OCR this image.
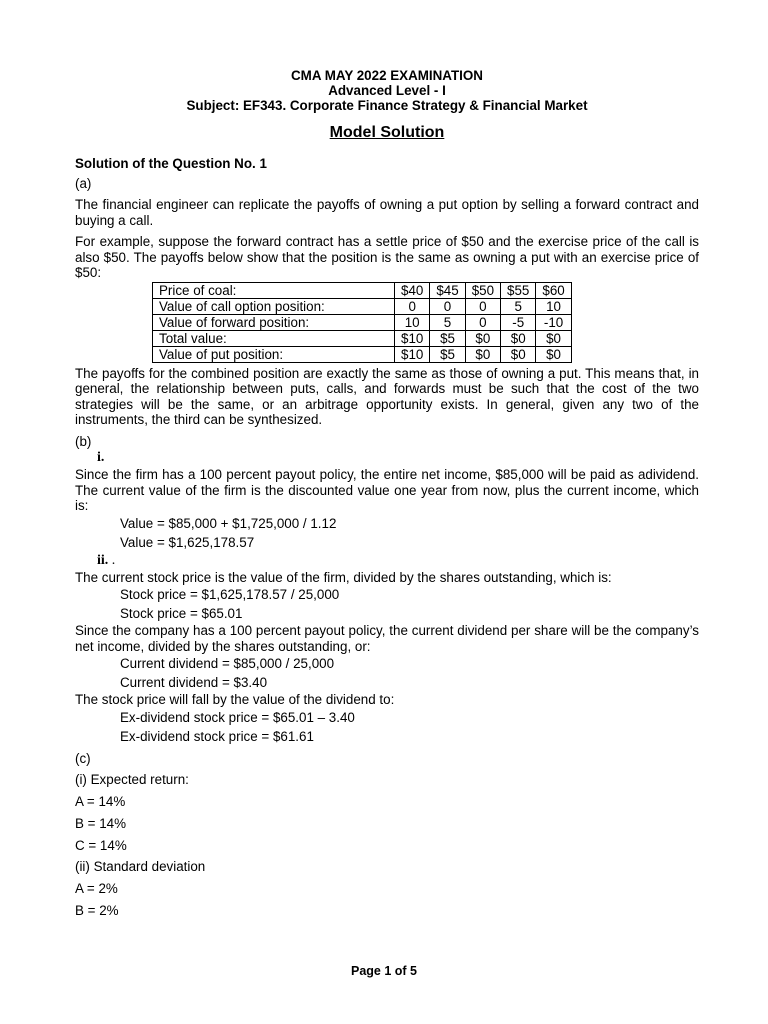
CMA MAY 2022 EXAMINATION
Advanced Level - I
Subject: EF343. Corporate Finance Strategy & Financial Market
Model Solution
Solution of the Question No. 1

(a)

The financial engineer can replicate the payoffs of owning a put option by selling a forward contract and buying a call.

For example, suppose the forward contract has a settle price of $50 and the exercise price of the call is also $50. The payoffs below show that the position is the same as owning a put with an exercise price of $50:

Price of coal:	$40	$45	$50	$55	$60
Value of call option position:	0	0	0	5	10
Value of forward position:	10	5	0	-5	-10
Total value:	$10	$5	$0	$0	$0
Value of put position:	$10	$5	$0	$0	$0

The payoffs for the combined position are exactly the same as those of owning a put. This means that, in general, the relationship between puts, calls, and forwards must be such that the cost of the two strategies will be the same, or an arbitrage opportunity exists. In general, given any two of the instruments, the third can be synthesized.

(b)

i.

Since the firm has a 100 percent payout policy, the entire net income, $85,000 will be paid as adividend. The current value of the firm is the discounted value one year from now, plus the current income, which is:

Value = $85,000 + $1,725,000 / 1.12
Value = $1,625,178.57
ii. .

The current stock price is the value of the firm, divided by the shares outstanding, which is:

Stock price = $1,625,178.57 / 25,000
Stock price = $65.01

Since the company has a 100 percent payout policy, the current dividend per share will be the company’s net income, divided by the shares outstanding, or:

Current dividend = $85,000 / 25,000
Current dividend = $3.40

The stock price will fall by the value of the dividend to:

Ex-dividend stock price = $65.01 – 3.40
Ex-dividend stock price = $61.61

(c)

(i) Expected return:

A = 14%

B = 14%

C = 14%

(ii) Standard deviation

A = 2%

B = 2%

Page 1 of 5
